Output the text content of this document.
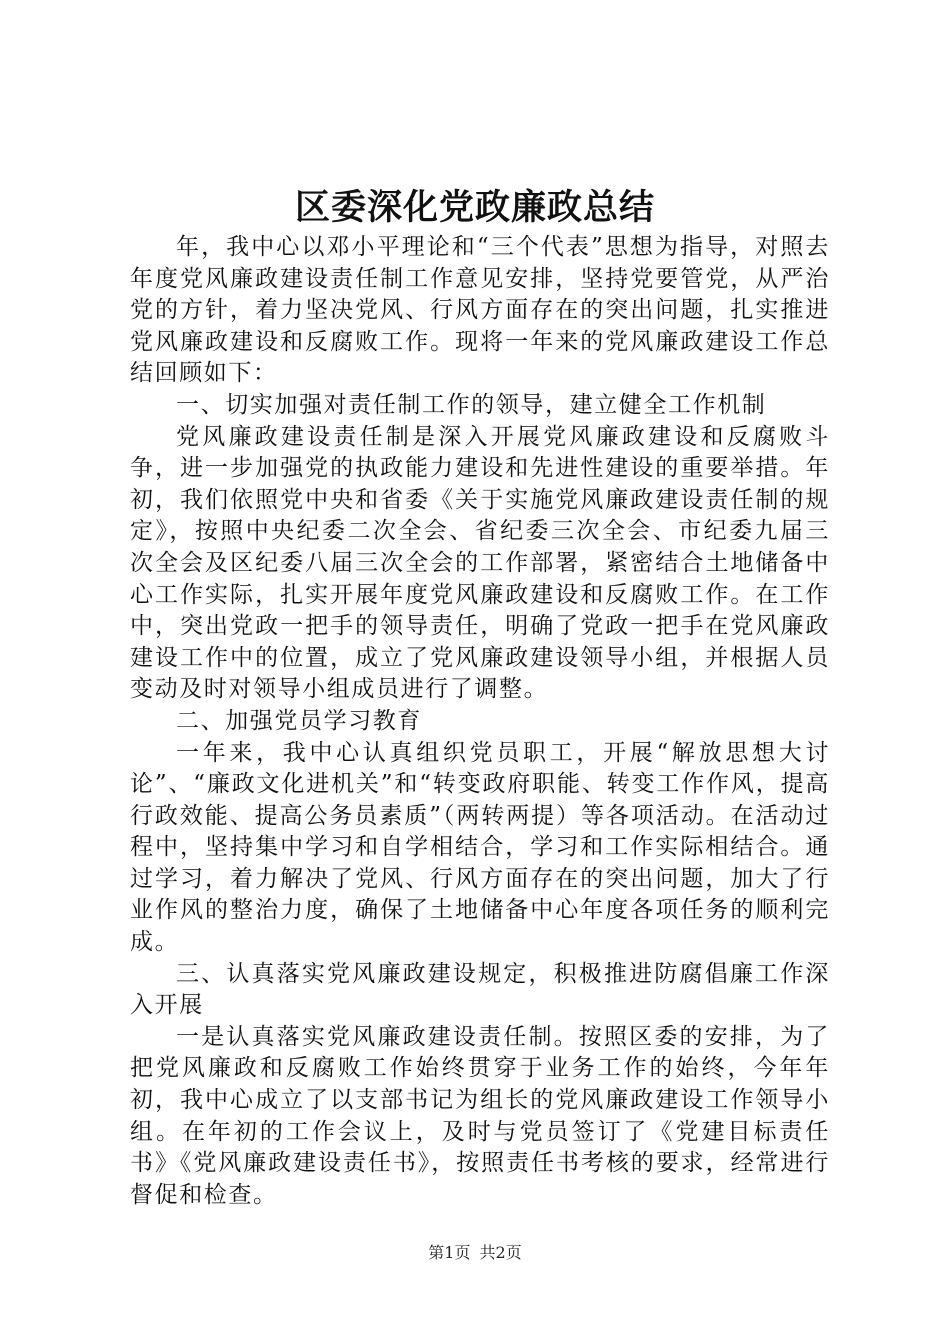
区委深化党政廉政总结

年，我中心以邓小平理论和“三个代表”思想为指导，对照去年度党风廉政建设责任制工作意见安排，坚持党要管党，从严治党的方针，着力坚决党风、行风方面存在的突出问题，扎实推进党风廉政建设和反腐败工作。现将一年来的党风廉政建设工作总结回顾如下：

一、切实加强对责任制工作的领导，建立健全工作机制

党风廉政建设责任制是深入开展党风廉政建设和反腐败斗争，进一步加强党的执政能力建设和先进性建设的重要举措。年初，我们依照党中央和省委《关于实施党风廉政建设责任制的规定》，按照中央纪委二次全会、省纪委三次全会、市纪委九届三次全会及区纪委八届三次全会的工作部署，紧密结合土地储备中心工作实际，扎实开展年度党风廉政建设和反腐败工作。在工作中，突出党政一把手的领导责任，明确了党政一把手在党风廉政建设工作中的位置，成立了党风廉政建设领导小组，并根据人员变动及时对领导小组成员进行了调整。

二、加强党员学习教育

一年来，我中心认真组织党员职工，开展“解放思想大讨论”、“廉政文化进机关”和“转变政府职能、转变工作作风，提高行政效能、提高公务员素质”（两转两提）等各项活动。在活动过程中，坚持集中学习和自学相结合，学习和工作实际相结合。通过学习，着力解决了党风、行风方面存在的突出问题，加大了行业作风的整治力度，确保了土地储备中心年度各项任务的顺利完成。

三、认真落实党风廉政建设规定，积极推进防腐倡廉工作深入开展

一是认真落实党风廉政建设责任制。按照区委的安排，为了把党风廉政和反腐败工作始终贯穿于业务工作的始终，今年年初，我中心成立了以支部书记为组长的党风廉政建设工作领导小组。在年初的工作会议上，及时与党员签订了《党建目标责任书》《党风廉政建设责任书》，按照责任书考核的要求，经常进行督促和检查。

第1页 共2页
